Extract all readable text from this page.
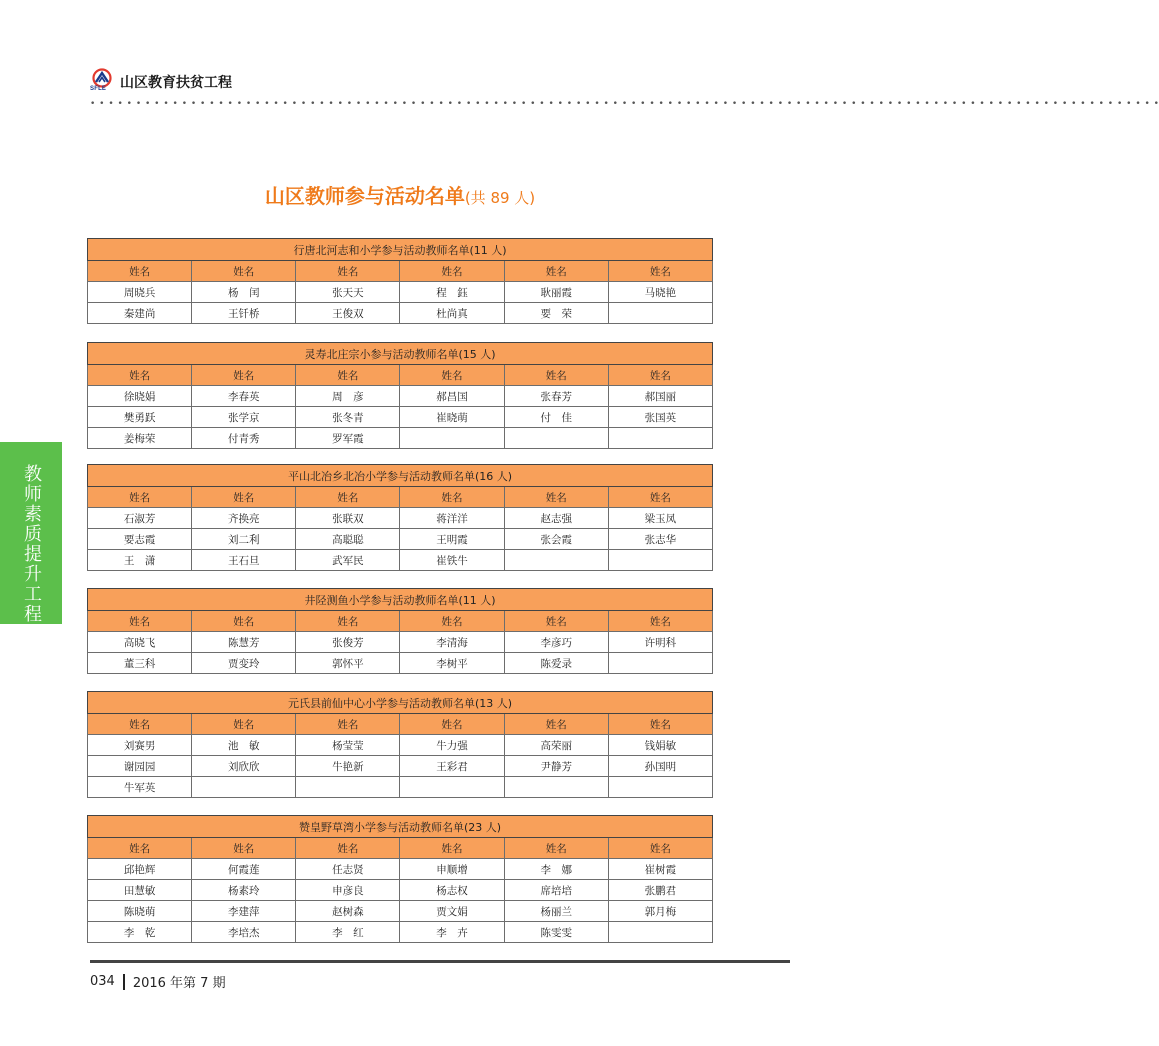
SFLE 山区教育扶贫工程
• • • • • • • • • • • • • • • • • • • • • • • • • • • • • • • • • • • • • • • • • • • • • • • • • • • • • • • • • • • • • • • • • • • • • • • • • • • • • • • • • • • • • • • • • • • • • • • • • • • • • • • • • • • • • • • • • • • • •
山区教师参与活动名单(共 89 人)
教师素质提升工程
行唐北河志和小学参与活动教师名单(11 人)					
姓名	姓名	姓名	姓名	姓名	姓名
周晓兵	杨　闰	张天天	程　鈺	耿丽霞	马晓艳
秦建尚	王钎桥	王俊双	杜尚真	要　荣	
灵寿北庄宗小参与活动教师名单(15 人)					
姓名	姓名	姓名	姓名	姓名	姓名
徐晓娟	李春英	周　彦	郝昌国	张春芳	郝国丽
樊勇跃	张学京	张冬青	崔晓萌	付　佳	张国英
姜梅荣	付青秀	罗军霞			
平山北冶乡北冶小学参与活动教师名单(16 人)					
姓名	姓名	姓名	姓名	姓名	姓名
石淑芳	齐换亮	张联双	蒋洋洋	赵志强	梁玉凤
要志霞	刘二利	高聪聪	王明霞	张会霞	张志华
王　潇	王石旦	武军民	崔铁牛		
井陉测鱼小学参与活动教师名单(11 人)					
姓名	姓名	姓名	姓名	姓名	姓名
高晓飞	陈慧芳	张俊芳	李清海	李彦巧	许明科
董三科	贾变玲	郭怀平	李树平	陈爱录	
元氏县前仙中心小学参与活动教师名单(13 人)					
姓名	姓名	姓名	姓名	姓名	姓名
刘赛男	池　敏	杨莹莹	牛力强	高荣丽	钱娟敏
谢园园	刘欣欣	牛艳新	王彩君	尹静芳	孙国明
牛军英					
赞皇野草湾小学参与活动教师名单(23 人)					
姓名	姓名	姓名	姓名	姓名	姓名
邱艳辉	何霞莲	任志贤	申顺增	李　娜	崔树霞
田慧敏	杨素玲	申彦良	杨志权	席培培	张鹏君
陈晓萌	李建萍	赵树森	贾文娟	杨丽兰	郭月梅
李　乾	李培杰	李　红	李　卉	陈雯雯	
034 2016 年第 7 期
